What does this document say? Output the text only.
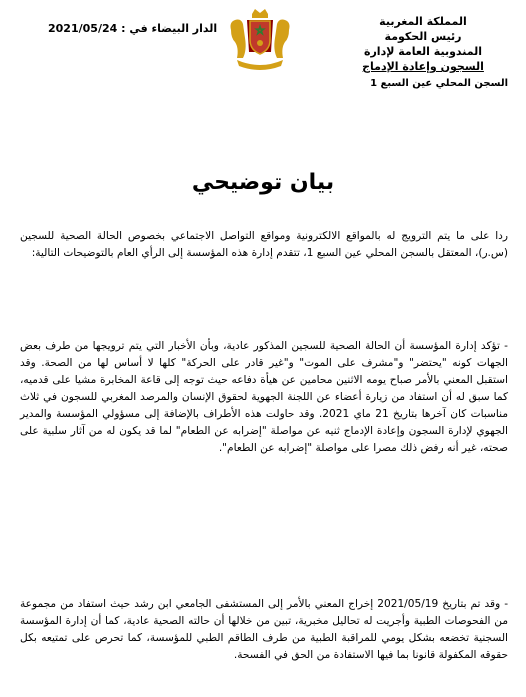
المملكة المغربية
رئيس الحكومة
المندوبية العامة لإدارة
السجون وإعادة الإدماج
السجن المحلي عين السبع 1
الدار البيضاء في : 2021/05/24
بيان توضيحي
ردا على ما يتم الترويج له بالمواقع الالكترونية ومواقع التواصل الاجتماعي بخصوص الحالة الصحية للسجين (س.ر)، المعتقل بالسجن المحلي عين السبع 1، تتقدم إدارة هذه المؤسسة إلى الرأي العام بالتوضيحات التالية:
- تؤكد إدارة المؤسسة أن الحالة الصحية للسجين المذكور عادية، وبأن الأخبار التي يتم ترويجها من طرف بعض الجهات كونه "يحتضر" و"مشرف على الموت" و"غير قادر على الحركة" كلها لا أساس لها من الصحة. وقد استقبل المعني بالأمر صباح يومه الاثنين محامين عن هيأة دفاعه حيث توجه إلى قاعة المخابرة مشيا على قدميه، كما سبق له أن استفاد من زيارة أعضاء عن اللجنة الجهوية لحقوق الإنسان والمرصد المغربي للسجون في ثلاث مناسبات كان آخرها بتاريخ 21 ماي 2021. وقد حاولت هذه الأطراف بالإضافة إلى مسؤولي المؤسسة والمدير الجهوي لإدارة السجون وإعادة الإدماج ثنيه عن مواصلة "إضرابه عن الطعام" لما قد يكون له من آثار سلبية على صحته، غير أنه رفض ذلك مصرا على مواصلة "إضرابه عن الطعام".
- وقد تم بتاريخ 2021/05/19 إخراج المعني بالأمر إلى المستشفى الجامعي ابن رشد حيث استفاد من مجموعة من الفحوصات الطبية وأجريت له تحاليل مخبرية، تبين من خلالها أن حالته الصحية عادية، كما أن إدارة المؤسسة السجنية تخضعه بشكل يومي للمراقبة الطبية من طرف الطاقم الطبي للمؤسسة، كما تحرص على تمتيعه بكل حقوقه المكفولة قانونا بما فيها الاستفادة من الحق في الفسحة.
